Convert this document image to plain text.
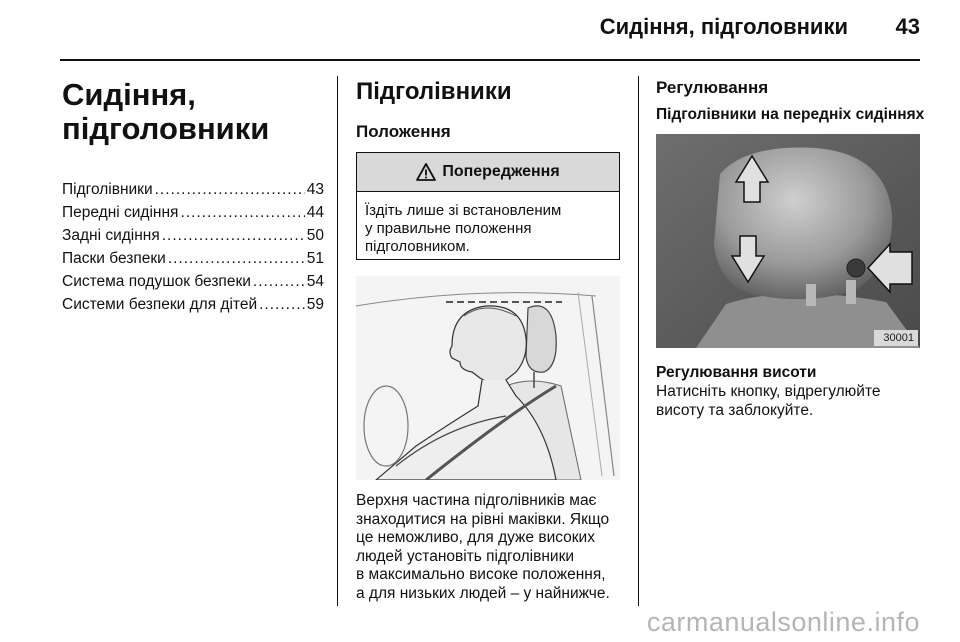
Сидіння, підголовники 43
Сидіння,
підголовники
Підголівники .....	43
Передні сидіння .....	44
Задні сидіння .....	50
Паски безпеки .....	51
Система подушок безпеки .....	54
Системи безпеки для дітей .....	59
Підголівники
Положення
Попередження
Їздіть лише зі встановленим
у правильне положення
підголовником.
Верхня частина підголівників має
знаходитися на рівні маківки. Якщо
це неможливо, для дуже високих
людей установіть підголівники
в максимально високе положення,
а для низьких людей – у найнижче.
Регулювання
Підголівники на передніх сидіннях
30001
Регулювання висоти
Натисніть кнопку, відрегулюйте
висоту та заблокуйте.
carmanualsonline.info
